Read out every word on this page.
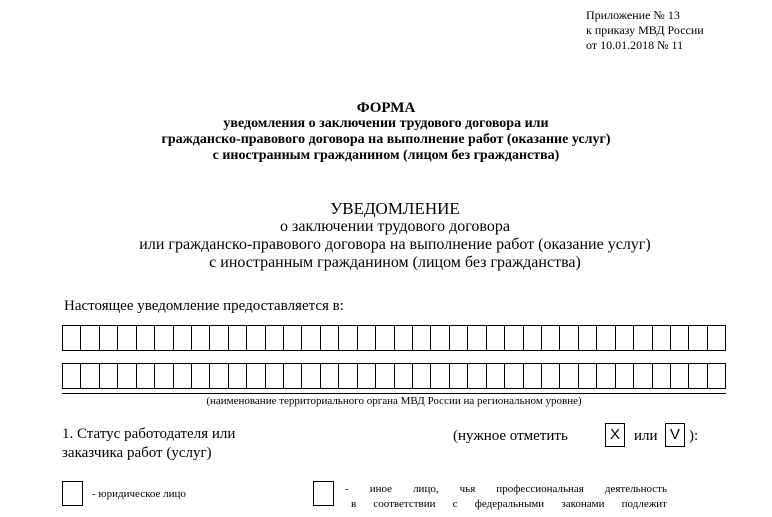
Приложение № 13
к приказу МВД России
от 10.01.2018 № 11
ФОРМА
уведомления о заключении трудового договора или
гражданско-правового договора на выполнение работ (оказание услуг)
с иностранным гражданином (лицом без гражданства)
УВЕДОМЛЕНИЕ
о заключении трудового договора
или гражданско-правового договора на выполнение работ (оказание услуг)
с иностранным гражданином (лицом без гражданства)
Настоящее уведомление предоставляется в:
(наименование территориального органа МВД России на региональном уровне)
1. Статус работодателя или
заказчика работ (услуг)
(нужное отметить	X или V ):
- юридическое лицо	- иное лицо, чья профессиональная деятельность
в соответствии с федеральными законами подлежит
